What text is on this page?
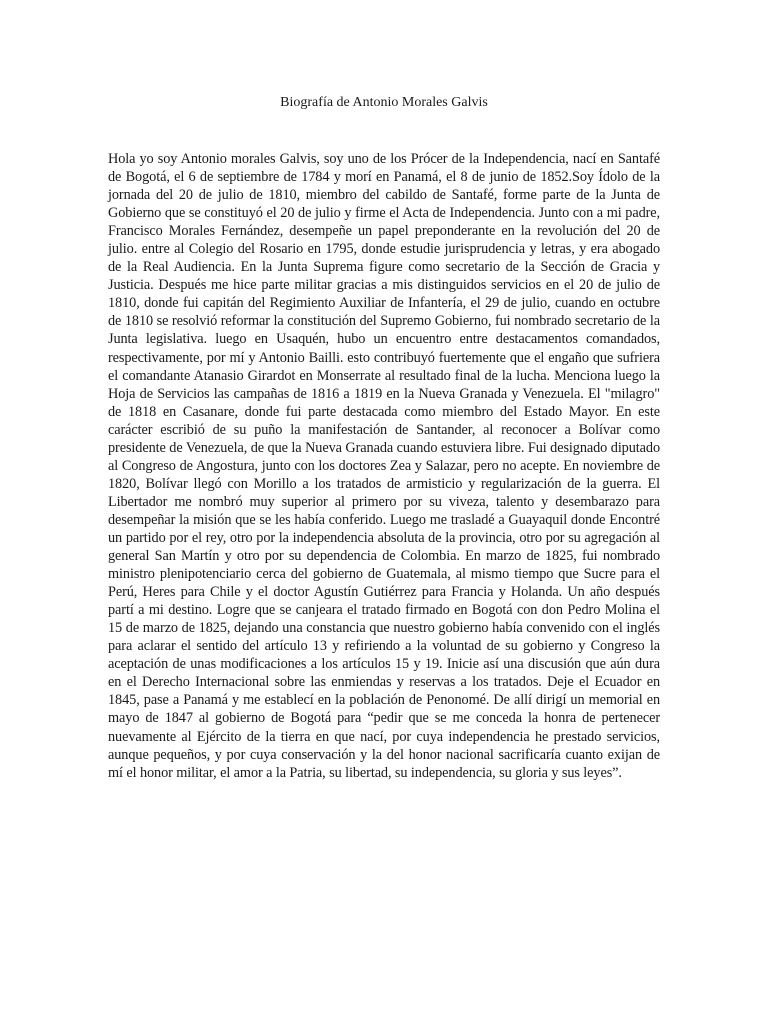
Biografía de Antonio Morales Galvis

Hola yo soy Antonio morales Galvis, soy uno de los Prócer de la Independencia, nací en Santafé de Bogotá, el 6 de septiembre de 1784 y morí en Panamá, el 8 de junio de 1852.Soy Ídolo de la jornada del 20 de julio de 1810, miembro del cabildo de Santafé, forme parte de la Junta de Gobierno que se constituyó el 20 de julio y firme el Acta de Independencia. Junto con a mi padre, Francisco Morales Fernández, desempeñe un papel preponderante en la revolución del 20 de julio. entre al Colegio del Rosario en 1795, donde estudie jurisprudencia y letras, y era abogado de la Real Audiencia. En la Junta Suprema figure como secretario de la Sección de Gracia y Justicia. Después me hice parte militar gracias a mis distinguidos servicios en el 20 de julio de 1810, donde fui capitán del Regimiento Auxiliar de Infantería, el 29 de julio, cuando en octubre de 1810 se resolvió reformar la constitución del Supremo Gobierno, fui nombrado secretario de la Junta legislativa. luego en Usaquén, hubo un encuentro entre destacamentos comandados, respectivamente, por mí y Antonio Bailli. esto contribuyó fuertemente que el engaño que sufriera el comandante Atanasio Girardot en Monserrate al resultado final de la lucha. Menciona luego la Hoja de Servicios las campañas de 1816 a 1819 en la Nueva Granada y Venezuela. El "milagro" de 1818 en Casanare, donde fui parte destacada como miembro del Estado Mayor. En este carácter escribió de su puño la manifestación de Santander, al reconocer a Bolívar como presidente de Venezuela, de que la Nueva Granada cuando estuviera libre. Fui designado diputado al Congreso de Angostura, junto con los doctores Zea y Salazar, pero no acepte. En noviembre de 1820, Bolívar llegó con Morillo a los tratados de armisticio y regularización de la guerra. El Libertador me nombró muy superior al primero por su viveza, talento y desembarazo para desempeñar la misión que se les había conferido. Luego me trasladé a Guayaquil donde Encontré un partido por el rey, otro por la independencia absoluta de la provincia, otro por su agregación al general San Martín y otro por su dependencia de Colombia. En marzo de 1825, fui nombrado ministro plenipotenciario cerca del gobierno de Guatemala, al mismo tiempo que Sucre para el Perú, Heres para Chile y el doctor Agustín Gutiérrez para Francia y Holanda. Un año después partí a mi destino. Logre que se canjeara el tratado firmado en Bogotá con don Pedro Molina el 15 de marzo de 1825, dejando una constancia que nuestro gobierno había convenido con el inglés para aclarar el sentido del artículo 13 y refiriendo a la voluntad de su gobierno y Congreso la aceptación de unas modificaciones a los artículos 15 y 19. Inicie así una discusión que aún dura en el Derecho Internacional sobre las enmiendas y reservas a los tratados. Deje el Ecuador en 1845, pase a Panamá y me establecí en la población de Penonomé. De allí dirigí un memorial en mayo de 1847 al gobierno de Bogotá para “pedir que se me conceda la honra de pertenecer nuevamente al Ejército de la tierra en que nací, por cuya independencia he prestado servicios, aunque pequeños, y por cuya conservación y la del honor nacional sacrificaría cuanto exijan de mí el honor militar, el amor a la Patria, su libertad, su independencia, su gloria y sus leyes”.
